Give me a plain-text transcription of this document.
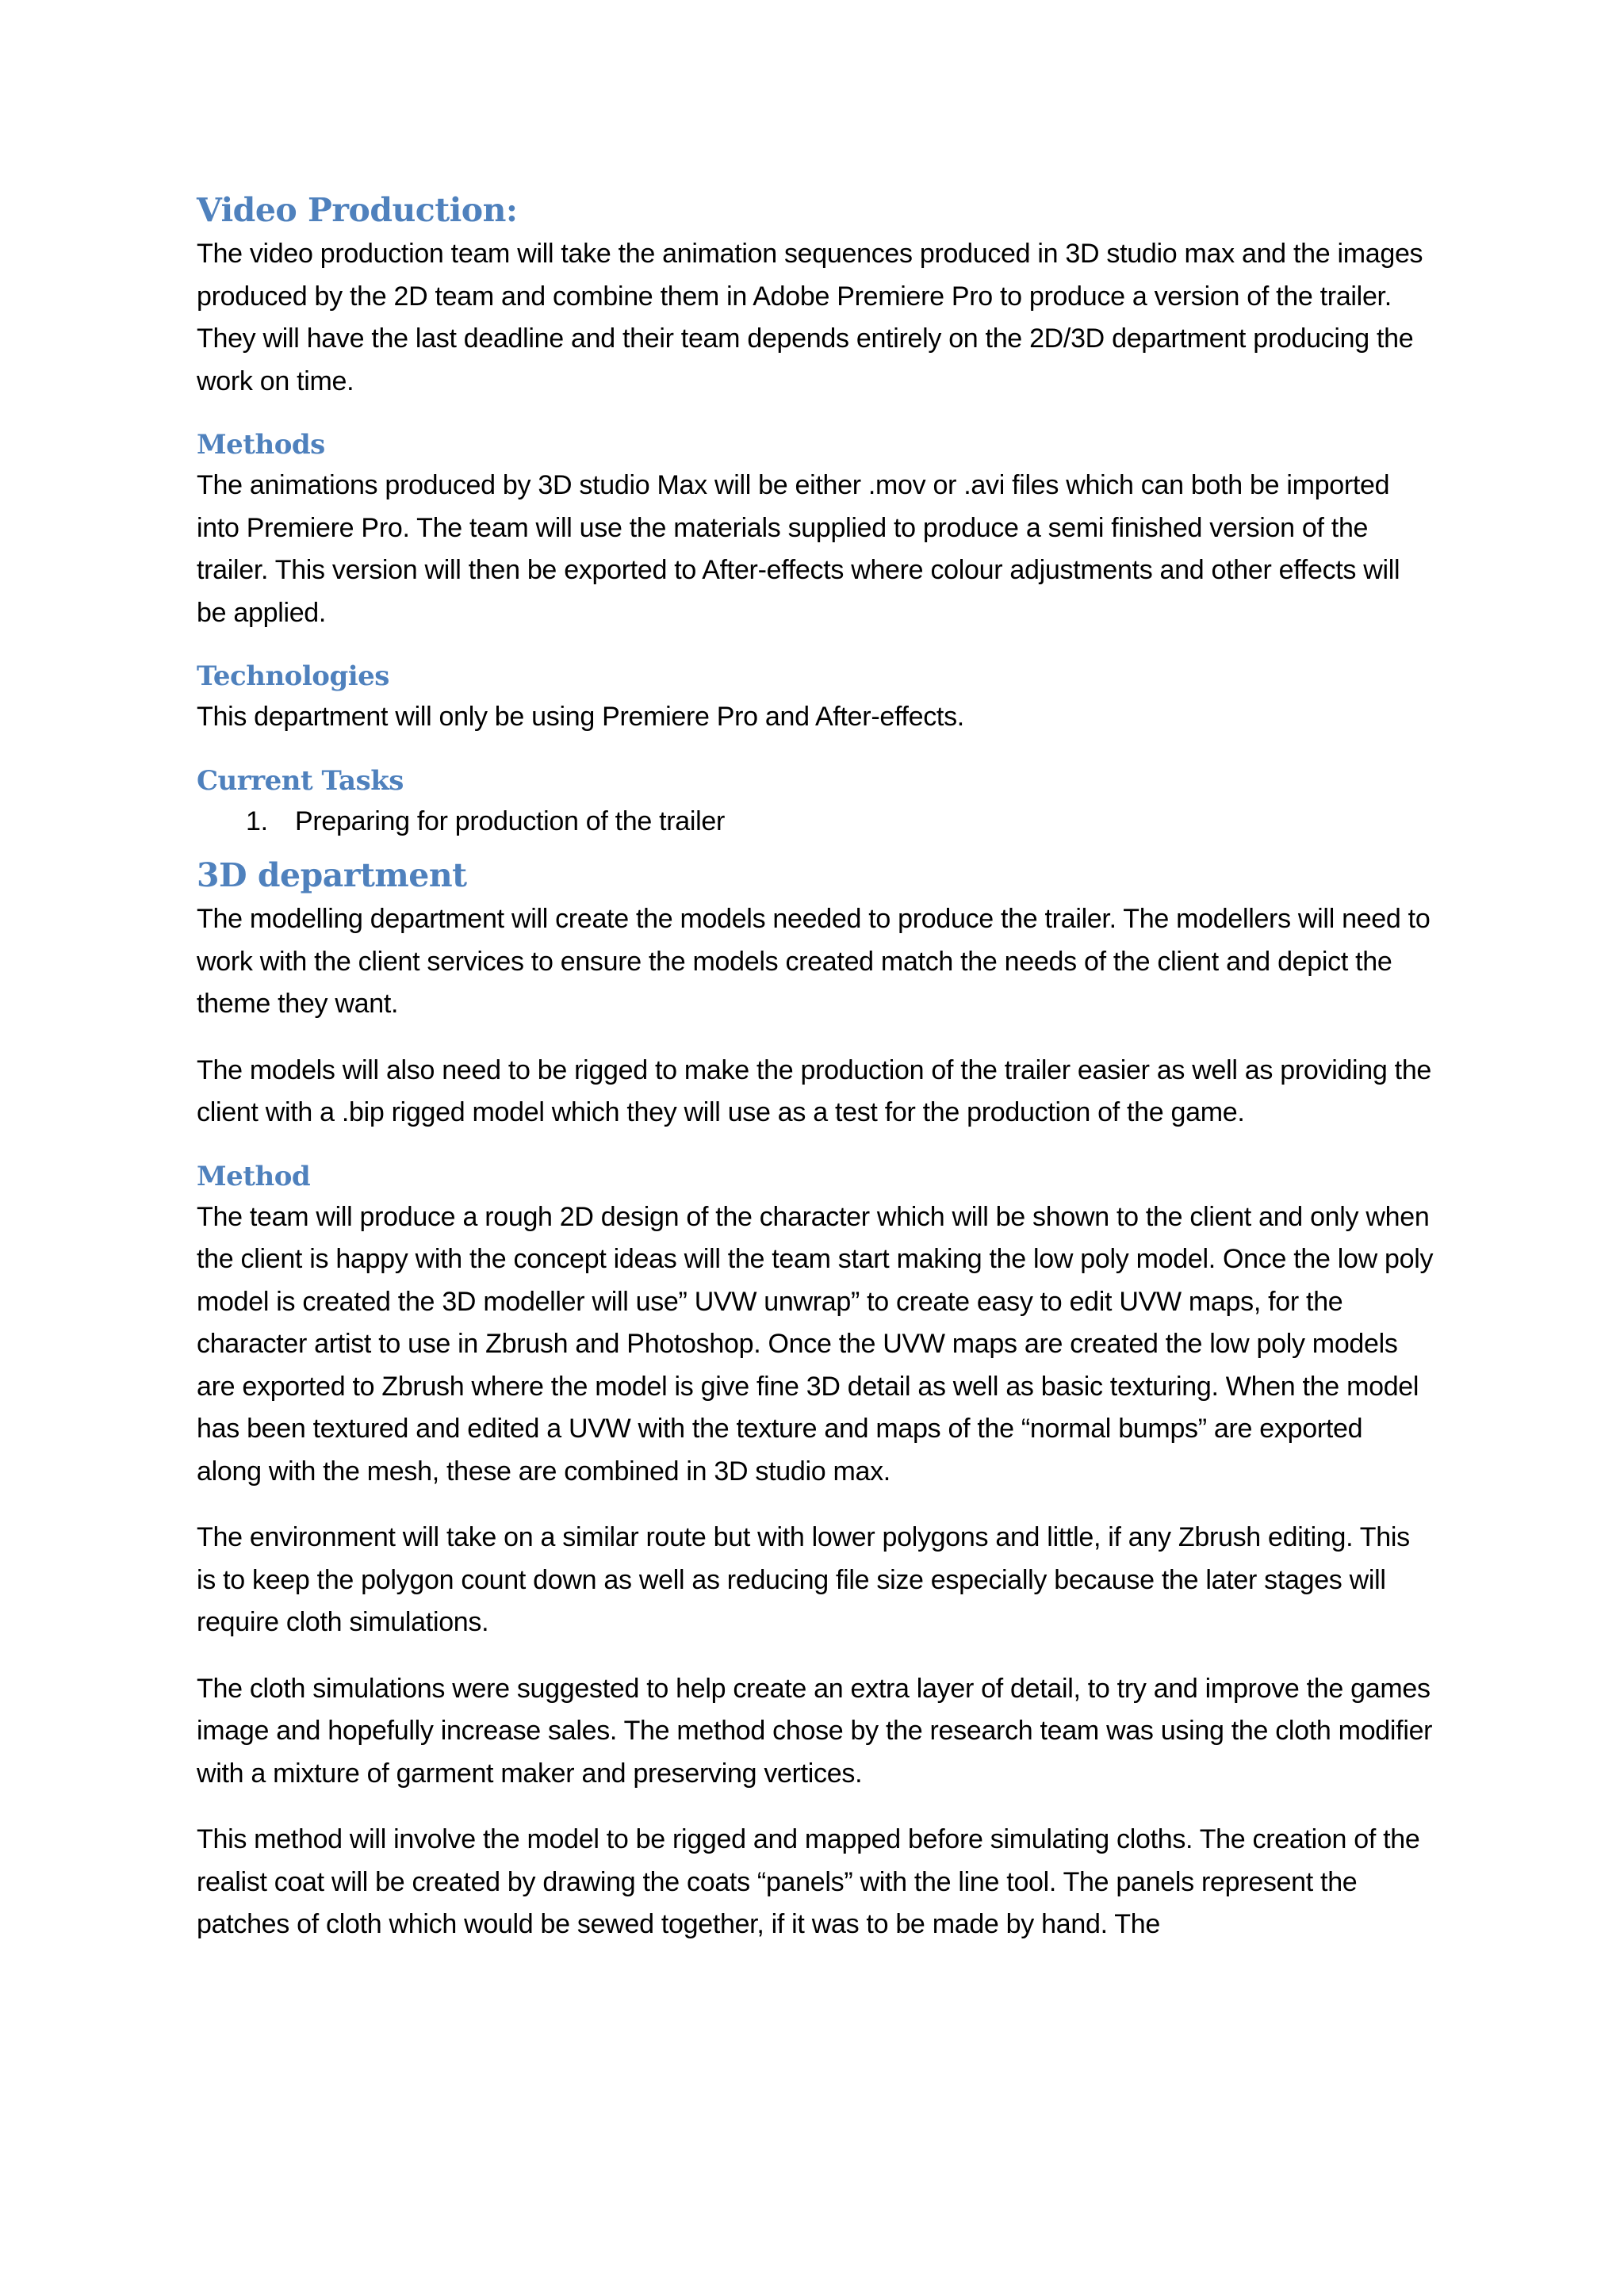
Video Production:

The video production team will take the animation sequences produced in 3D studio max and the images produced by the 2D team and combine them in Adobe Premiere Pro to produce a version of the trailer. They will have the last deadline and their team depends entirely on the 2D/3D department producing the work on time.

Methods

The animations produced by 3D studio Max will be either .mov or .avi files which can both be imported into Premiere Pro. The team will use the materials supplied to produce a semi finished version of the trailer. This version will then be exported to After-effects where colour adjustments and other effects will be applied.

Technologies

This department will only be using Premiere Pro and After-effects.

Current Tasks
1. Preparing for production of the trailer
3D department

The modelling department will create the models needed to produce the trailer. The modellers will need to work with the client services to ensure the models created match the needs of the client and depict the theme they want.

The models will also need to be rigged to make the production of the trailer easier as well as providing the client with a .bip rigged model which they will use as a test for the production of the game.

Method

The team will produce a rough 2D design of the character which will be shown to the client and only when the client is happy with the concept ideas will the team start making the low poly model. Once the low poly model is created the 3D modeller will use” UVW unwrap” to create easy to edit UVW maps, for the character artist to use in Zbrush and Photoshop. Once the UVW maps are created the low poly models are exported to Zbrush where the model is give fine 3D detail as well as basic texturing. When the model has been textured and edited a UVW with the texture and maps of the “normal bumps” are exported along with the mesh, these are combined in 3D studio max.

The environment will take on a similar route but with lower polygons and little, if any Zbrush editing. This is to keep the polygon count down as well as reducing file size especially because the later stages will require cloth simulations.

The cloth simulations were suggested to help create an extra layer of detail, to try and improve the games image and hopefully increase sales. The method chose by the research team was using the cloth modifier with a mixture of garment maker and preserving vertices.

This method will involve the model to be rigged and mapped before simulating cloths. The creation of the realist coat will be created by drawing the coats “panels” with the line tool. The panels represent the patches of cloth which would be sewed together, if it was to be made by hand. The
